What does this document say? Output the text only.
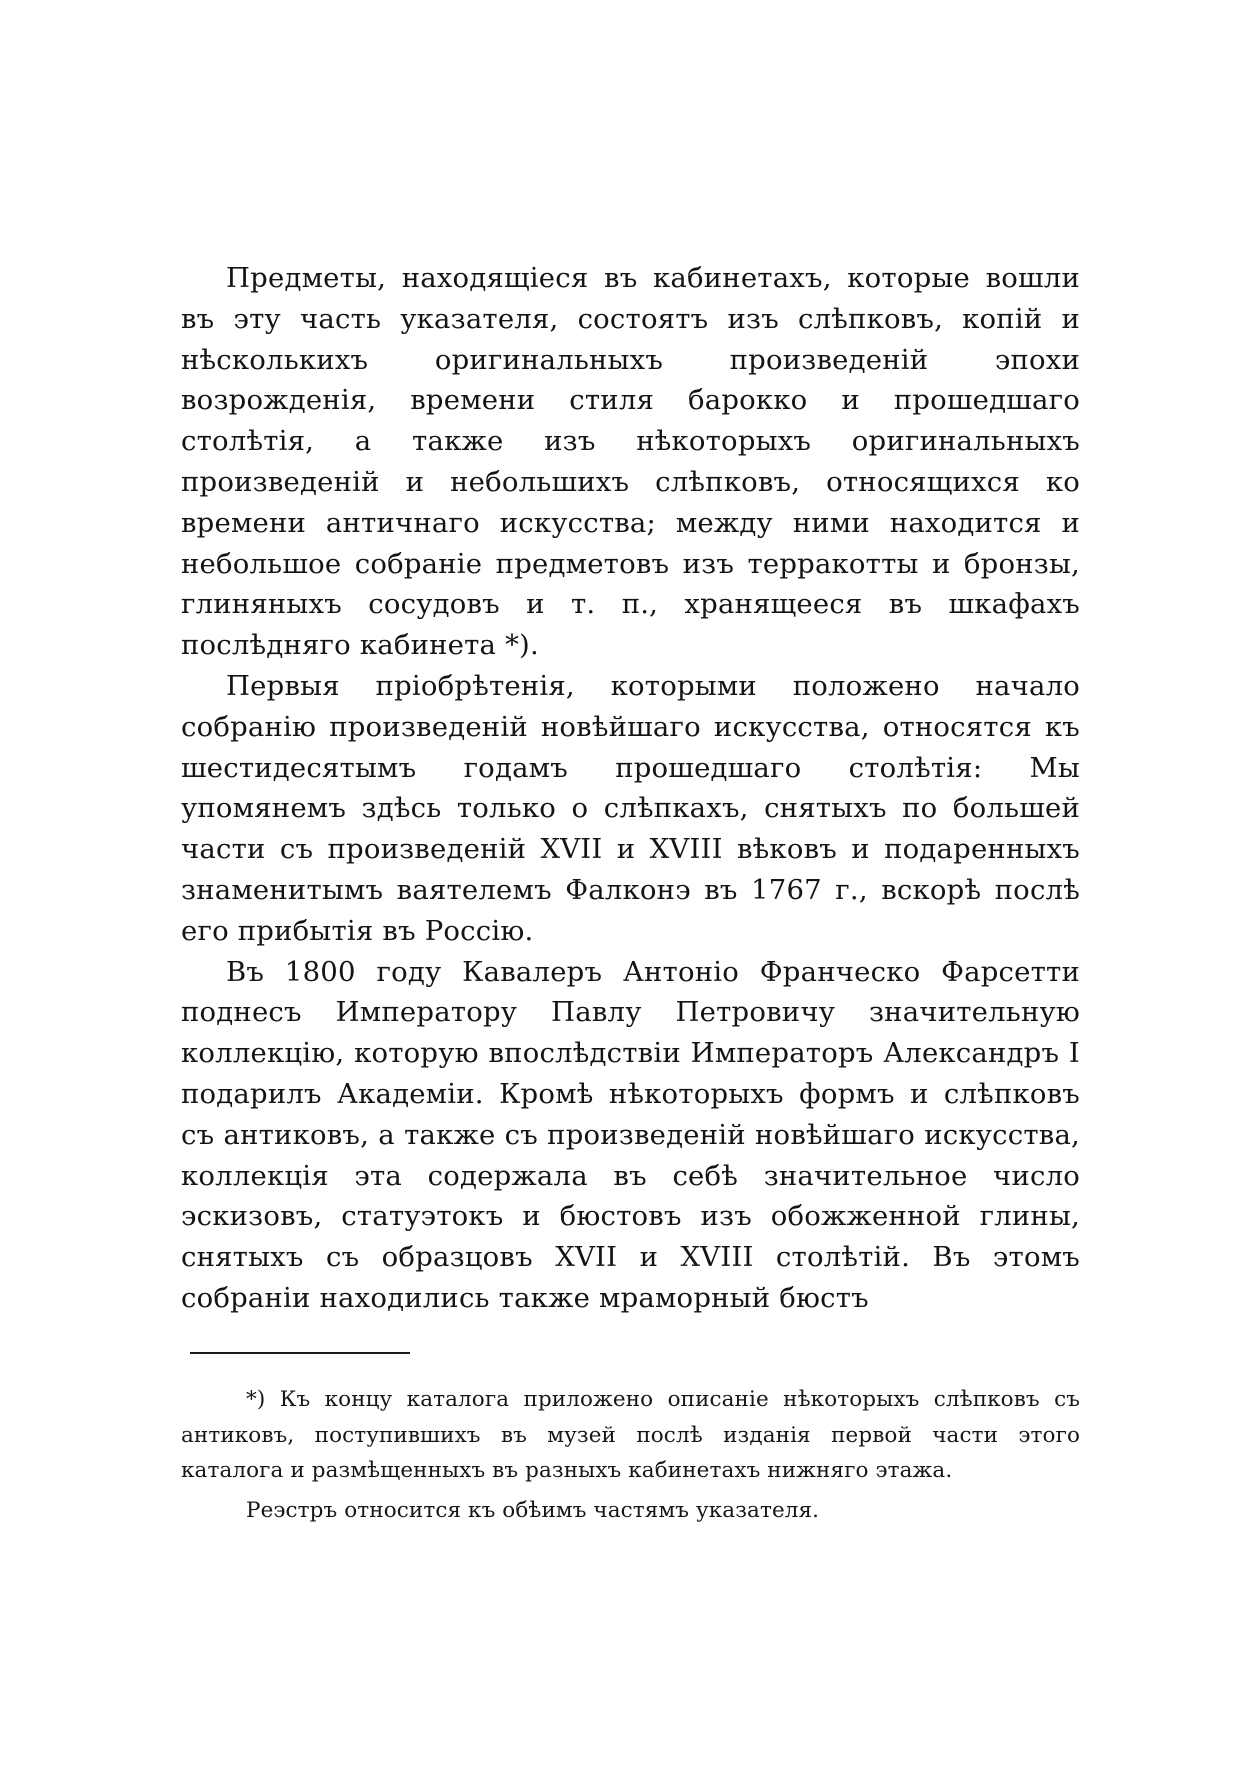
Предметы, находящіеся въ кабинетахъ, которые вошли въ эту часть указателя, состоятъ изъ слѣпковъ, копій и нѣсколькихъ оригинальныхъ произведеній эпохи возрожденія, времени стиля барокко и прошедшаго столѣтія, а также изъ нѣкоторыхъ оригинальныхъ произведеній и небольшихъ слѣпковъ, относящихся ко времени античнаго искусства; между ними находится и небольшое собраніе предметовъ изъ терракотты и бронзы, глиняныхъ сосудовъ и т. п., хранящееся въ шкафахъ послѣдняго кабинета *).

Первыя пріобрѣтенія, которыми положено начало собранію произведеній новѣйшаго искусства, относятся къ шестидесятымъ годамъ прошедшаго столѣтія: Мы упомянемъ здѣсь только о слѣпкахъ, снятыхъ по большей части съ произведеній XVII и XVIII вѣковъ и подаренныхъ знаменитымъ ваятелемъ Фалконэ въ 1767 г., вскорѣ послѣ его прибытія въ Россію.

Въ 1800 году Кавалеръ Антоніо Франческо Фарсетти поднесъ Императору Павлу Петровичу значительную коллекцію, которую впослѣдствіи Императоръ Александръ I подарилъ Академіи. Кромѣ нѣкоторыхъ формъ и слѣпковъ съ антиковъ, а также съ произведеній новѣйшаго искусства, коллекція эта содержала въ себѣ значительное число эскизовъ, статуэтокъ и бюстовъ изъ обожженной глины, снятыхъ съ образцовъ XVII и XVIII столѣтій. Въ этомъ собраніи находились также мраморный бюстъ

*) Къ концу каталога приложено описаніе нѣкоторыхъ слѣпковъ съ антиковъ, поступившихъ въ музей послѣ изданія первой части этого каталога и размѣщенныхъ въ разныхъ кабинетахъ нижняго этажа.

Реэстръ относится къ обѣимъ частямъ указателя.
